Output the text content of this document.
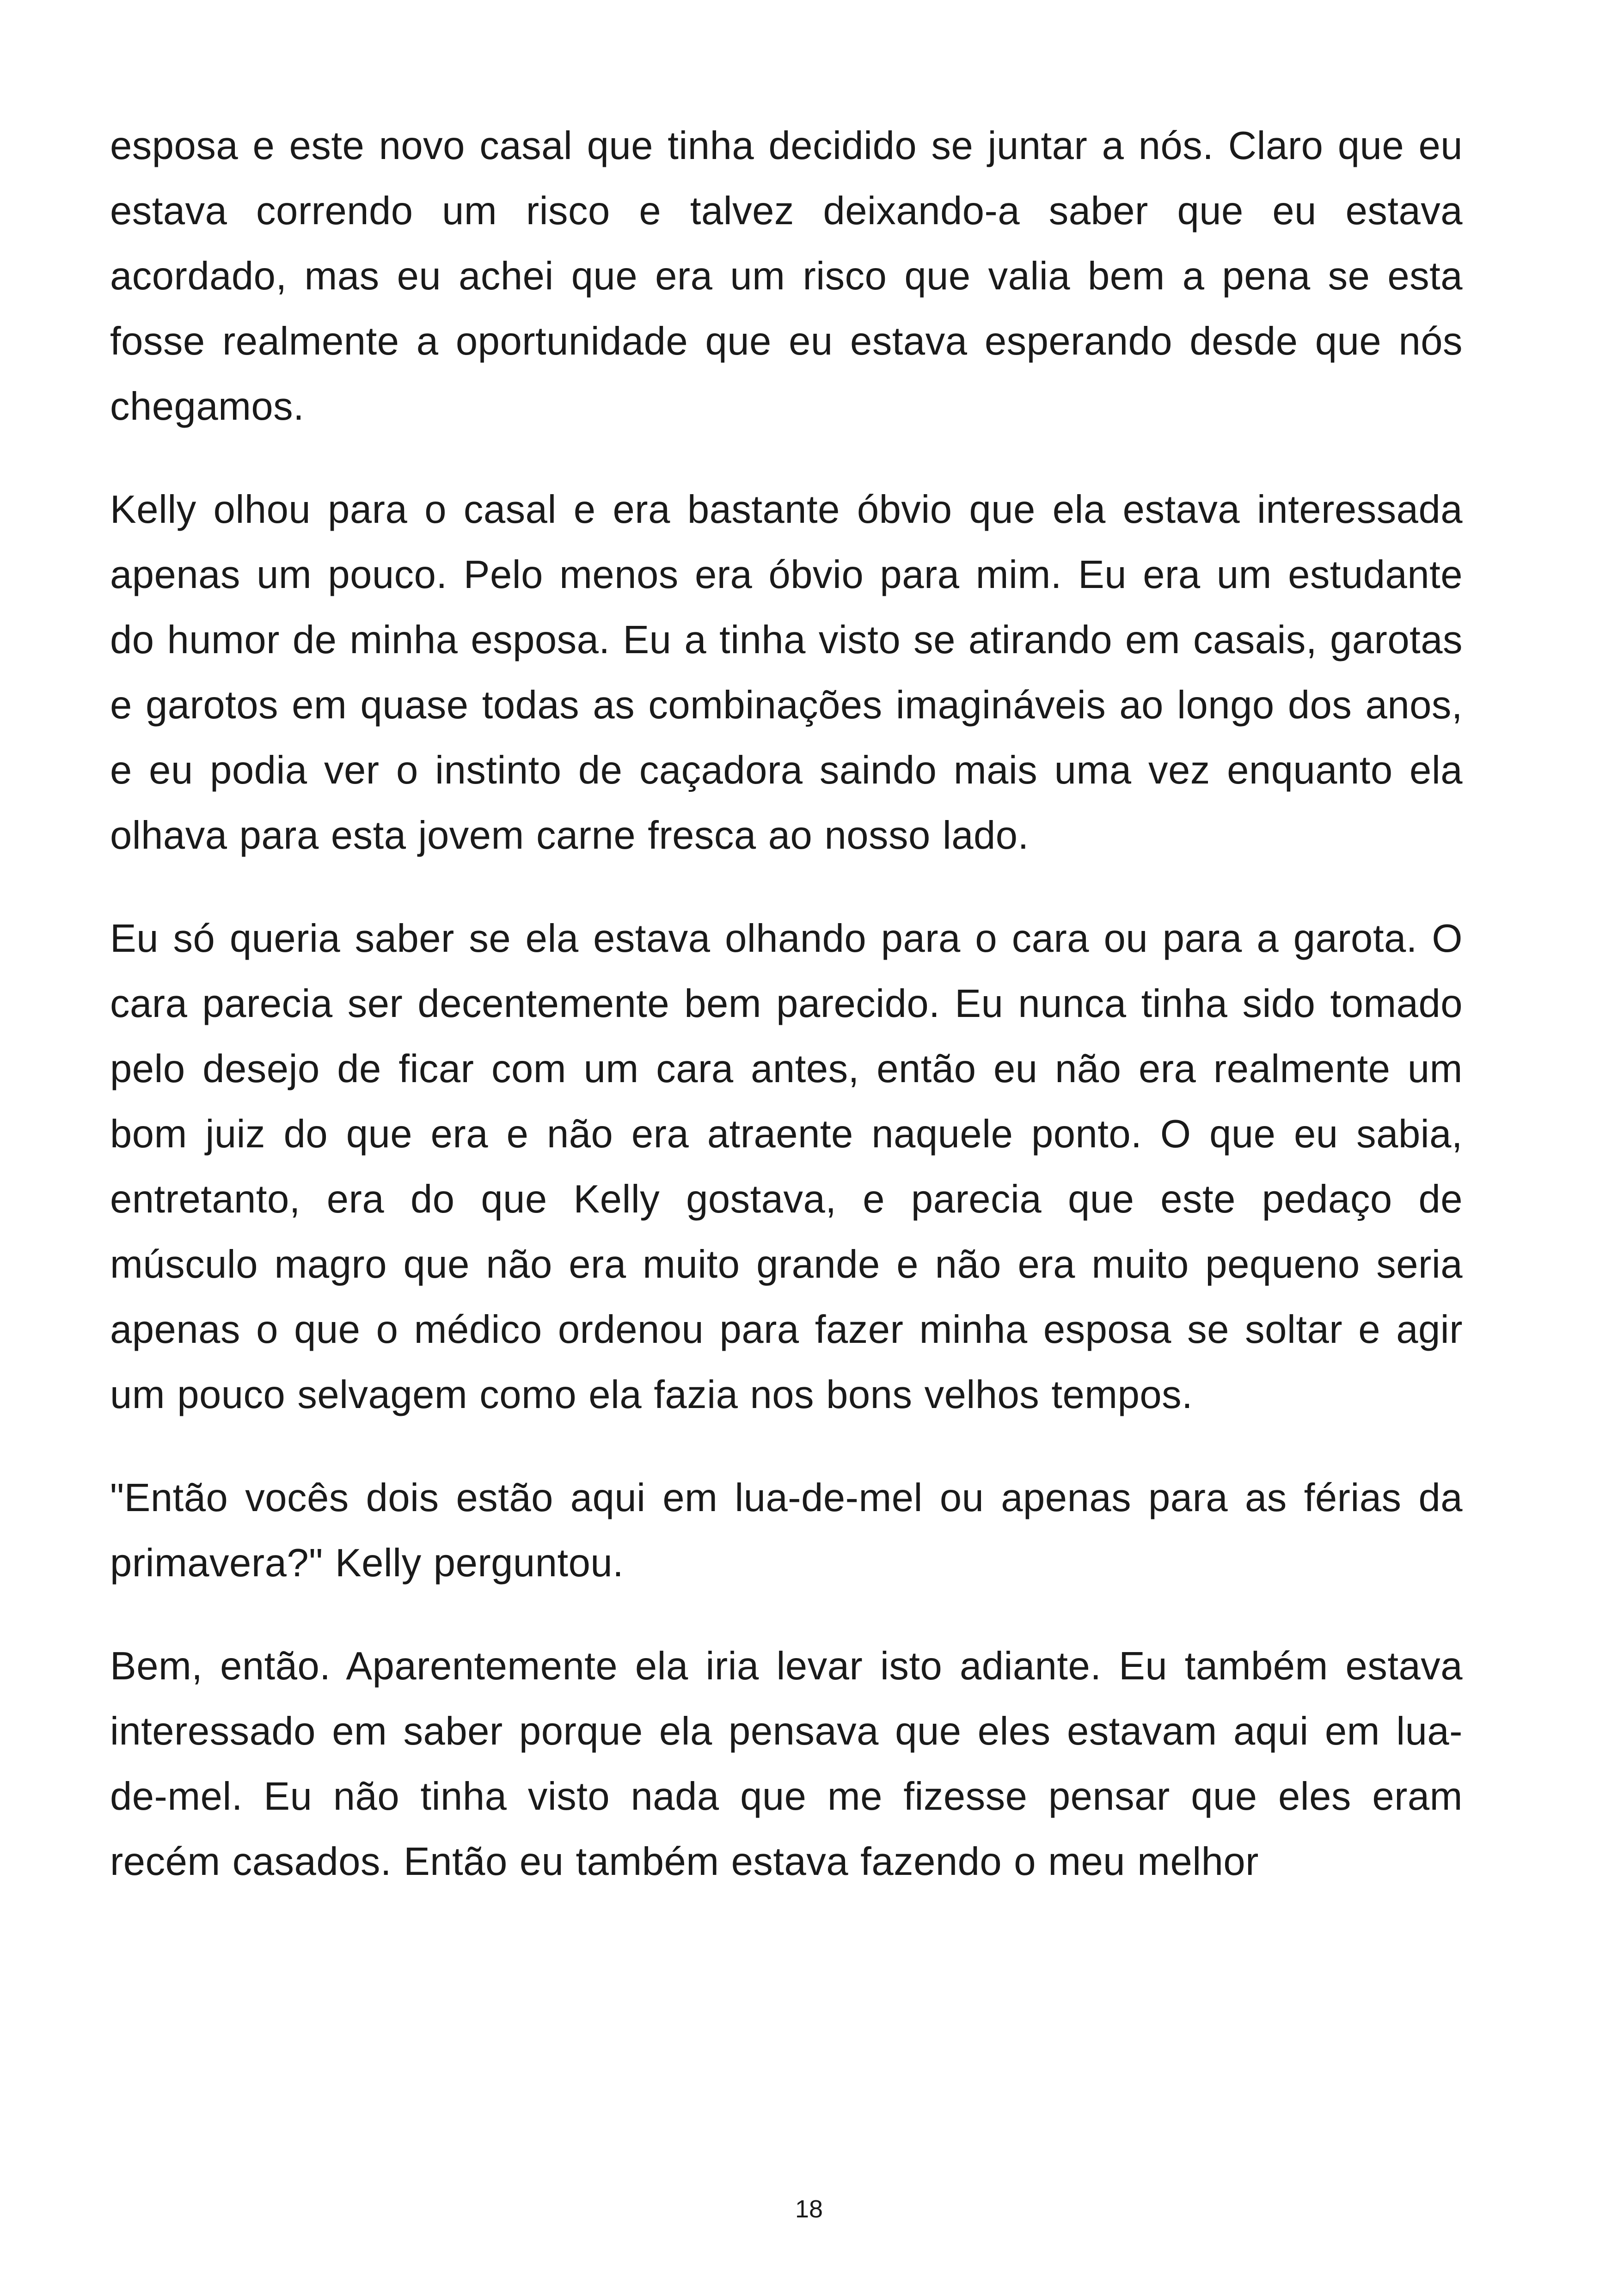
esposa e este novo casal que tinha decidido se juntar a nós. Claro que eu estava correndo um risco e talvez deixando-a saber que eu estava acordado, mas eu achei que era um risco que valia bem a pena se esta fosse realmente a oportunidade que eu estava esperando desde que nós chegamos.

Kelly olhou para o casal e era bastante óbvio que ela estava interessada apenas um pouco. Pelo menos era óbvio para mim. Eu era um estudante do humor de minha esposa. Eu a tinha visto se atirando em casais, garotas e garotos em quase todas as combinações imagináveis ao longo dos anos, e eu podia ver o instinto de caçadora saindo mais uma vez enquanto ela olhava para esta jovem carne fresca ao nosso lado.

Eu só queria saber se ela estava olhando para o cara ou para a garota. O cara parecia ser decentemente bem parecido. Eu nunca tinha sido tomado pelo desejo de ficar com um cara antes, então eu não era realmente um bom juiz do que era e não era atraente naquele ponto. O que eu sabia, entretanto, era do que Kelly gostava, e parecia que este pedaço de músculo magro que não era muito grande e não era muito pequeno seria apenas o que o médico ordenou para fazer minha esposa se soltar e agir um pouco selvagem como ela fazia nos bons velhos tempos.

"Então vocês dois estão aqui em lua-de-mel ou apenas para as férias da primavera?" Kelly perguntou.

Bem, então. Aparentemente ela iria levar isto adiante. Eu também estava interessado em saber porque ela pensava que eles estavam aqui em lua-de-mel. Eu não tinha visto nada que me fizesse pensar que eles eram recém casados. Então eu também estava fazendo o meu melhor

18
